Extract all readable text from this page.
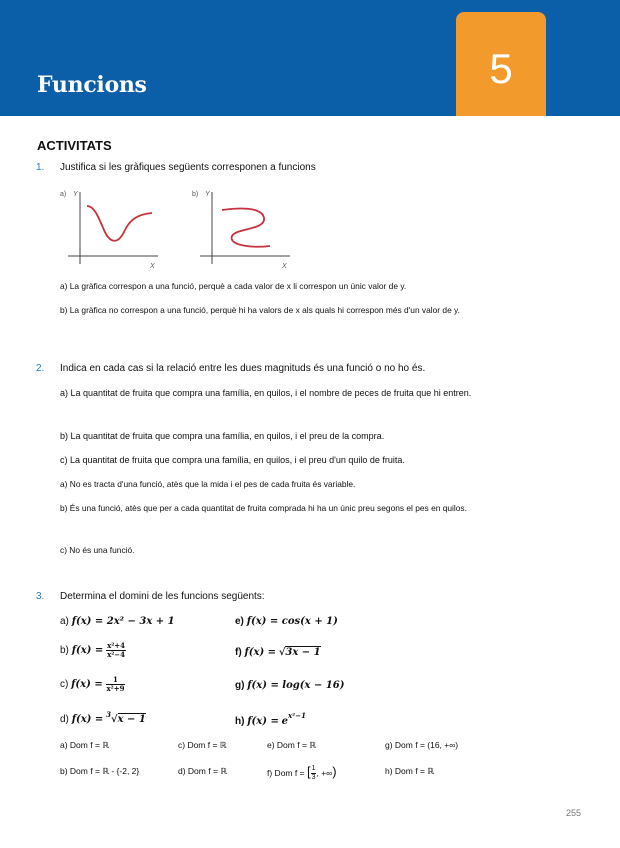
Funcions	5
ACTIVITATS
1. Justifica si les gràfiques següents corresponen a funcions
a) Y
X
b) Y
X
a) La gràfica correspon a una funció, perquè a cada valor de x li correspon un únic valor de y.
b) La gràfica no correspon a una funció, perquè hi ha valors de x als quals hi correspon més d'un valor de y.
2. Indica en cada cas si la relació entre les dues magnituds és una funció o no ho és.
a) La quantitat de fruita que compra una família, en quilos, i el nombre de peces de fruita que hi entren.
b) La quantitat de fruita que compra una família, en quilos, i el preu de la compra.
c) La quantitat de fruita que compra una família, en quilos, i el preu d'un quilo de fruita.
a) No es tracta d'una funció, atès que la mida i el pes de cada fruita és variable.
b) És una funció, atès que per a cada quantitat de fruita comprada hi ha un únic preu segons el pes en quilos.
c) No és una funció.
3. Determina el domini de les funcions següents:
a) f(x) = 2x² − 3x + 1
b) $f(x) = \frac{\text{x²+4}}{\text{x²−4}}$
c) $f(x) = \frac{1}{\text{x²+9}}$
d) f(x) = $^3$√x − 1
e) f(x) = cos(x + 1)
f) f(x) = √3x − 1
g) f(x) = log(x − 16)
h) $f(x) = e^{x^2-1}$
a) Dom f = ℝ	c) Dom f = ℝ	e) Dom f = ℝ	g) Dom f = (16, +∞)
b) Dom f = ℝ - {-2, 2}	d) Dom f = ℝ	f) Dom f = [ $\frac{1}{3}$ , +∞)	h) Dom f = ℝ
255
